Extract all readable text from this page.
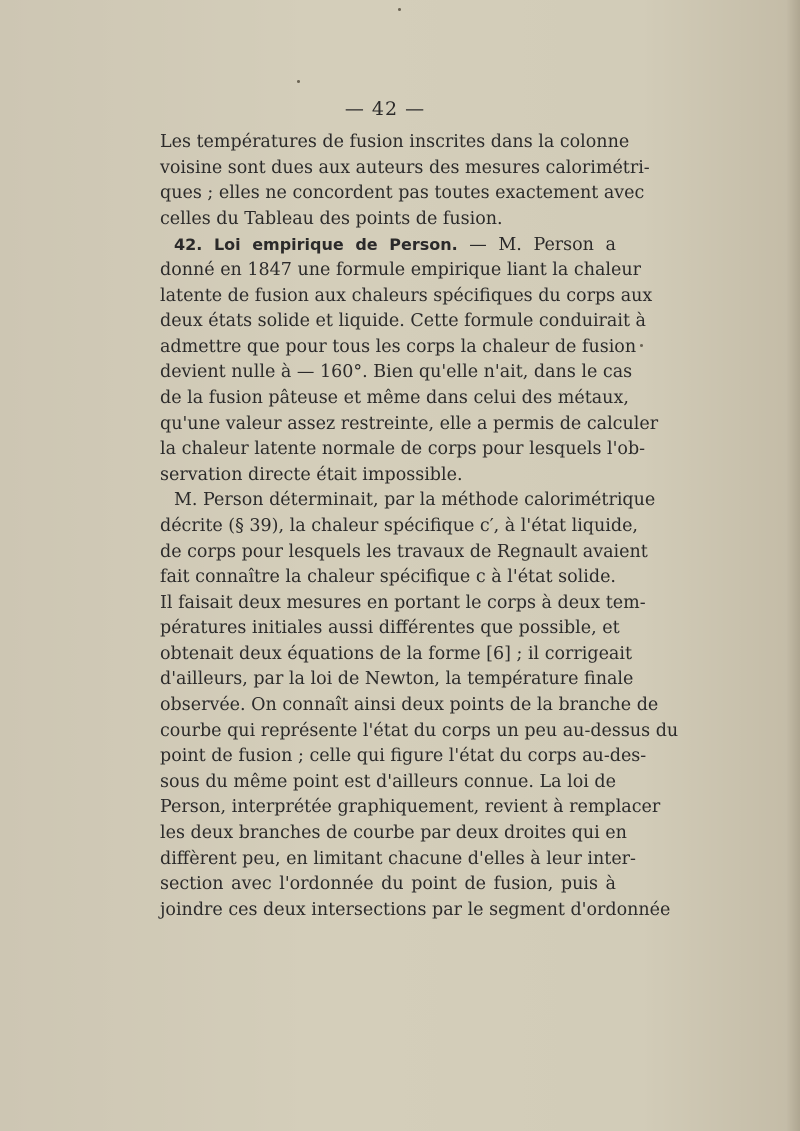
— 42 —
Les températures de fusion inscrites dans la colonne
voisine sont dues aux auteurs des mesures calorimétri-
ques ; elles ne concordent pas toutes exactement avec
celles du Tableau des points de fusion.
42. Loi empirique de Person. — M. Person a
donné en 1847 une formule empirique liant la chaleur
latente de fusion aux chaleurs spécifiques du corps aux
deux états solide et liquide. Cette formule conduirait à
admettre que pour tous les corps la chaleur de fusion
devient nulle à — 160°. Bien qu'elle n'ait, dans le cas
de la fusion pâteuse et même dans celui des métaux,
qu'une valeur assez restreinte, elle a permis de calculer
la chaleur latente normale de corps pour lesquels l'ob-
servation directe était impossible.
M. Person déterminait, par la méthode calorimétrique
décrite (§ 39), la chaleur spécifique c′, à l'état liquide,
de corps pour lesquels les travaux de Regnault avaient
fait connaître la chaleur spécifique c à l'état solide.
Il faisait deux mesures en portant le corps à deux tem-
pératures initiales aussi différentes que possible, et
obtenait deux équations de la forme [6] ; il corrigeait
d'ailleurs, par la loi de Newton, la température finale
observée. On connaît ainsi deux points de la branche de
courbe qui représente l'état du corps un peu au-dessus du
point de fusion ; celle qui figure l'état du corps au-des-
sous du même point est d'ailleurs connue. La loi de
Person, interprétée graphiquement, revient à remplacer
les deux branches de courbe par deux droites qui en
diffèrent peu, en limitant chacune d'elles à leur inter-
section avec l'ordonnée du point de fusion, puis à
joindre ces deux intersections par le segment d'ordonnée
